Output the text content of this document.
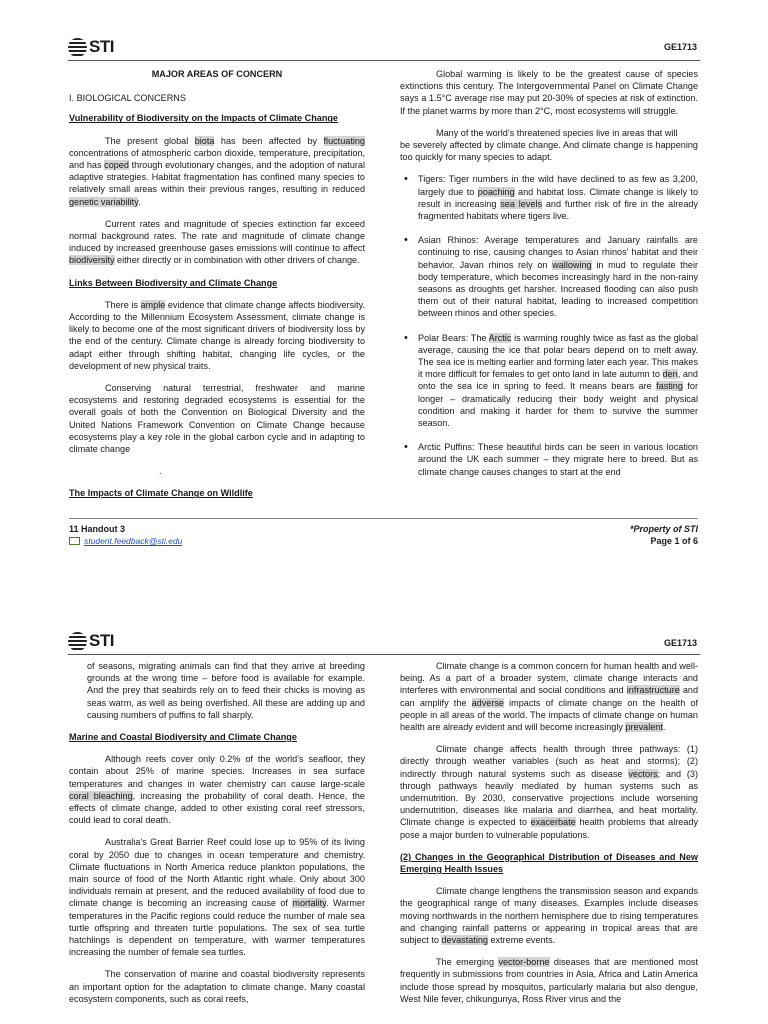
STI	GE1713

MAJOR AREAS OF CONCERN

I. BIOLOGICAL CONCERNS

Vulnerability of Biodiversity on the Impacts of Climate Change

The present global biota has been affected by fluctuating concentrations of atmospheric carbon dioxide, temperature, precipitation, and has coped through evolutionary changes, and the adoption of natural adaptive strategies. Habitat fragmentation has confined many species to relatively small areas within their previous ranges, resulting in reduced genetic variability.

Current rates and magnitude of species extinction far exceed normal background rates. The rate and magnitude of climate change induced by increased greenhouse gases emissions will continue to affect biodiversity either directly or in combination with other drivers of change.

Links Between Biodiversity and Climate Change

There is ample evidence that climate change affects biodiversity. According to the Millennium Ecosystem Assessment, climate change is likely to become one of the most significant drivers of biodiversity loss by the end of the century. Climate change is already forcing biodiversity to adapt either through shifting habitat, changing life cycles, or the development of new physical traits.

Conserving natural terrestrial, freshwater and marine ecosystems and restoring degraded ecosystems is essential for the overall goals of both the Convention on Biological Diversity and the United Nations Framework Convention on Climate Change because ecosystems play a key role in the global carbon cycle and in adapting to climate change

.

The Impacts of Climate Change on Wildlife

Global warming is likely to be the greatest cause of species extinctions this century. The Intergovernmental Panel on Climate Change says a 1.5°C average rise may put 20-30% of species at risk of extinction. If the planet warms by more than 2°C, most ecosystems will struggle.

Many of the world’s threatened species live in areas that will

be severely affected by climate change. And climate change is happening too quickly for many species to adapt.

• Tigers: Tiger numbers in the wild have declined to as few as 3,200, largely due to poaching and habitat loss. Climate change is likely to result in increasing sea levels and further risk of fire in the already fragmented habitats where tigers live.
• Asian Rhinos: Average temperatures and January rainfalls are continuing to rise, causing changes to Asian rhinos’ habitat and their behavior. Javan rhinos rely on wallowing in mud to regulate their body temperature, which becomes increasingly hard in the non-rainy seasons as droughts get harsher. Increased flooding can also push them out of their natural habitat, leading to increased competition between rhinos and other species.
• Polar Bears: The Arctic is warming roughly twice as fast as the global average, causing the ice that polar bears depend on to melt away. The sea ice is melting earlier and forming later each year. This makes it more difficult for females to get onto land in late autumn to den, and onto the sea ice in spring to feed. It means bears are fasting for longer – dramatically reducing their body weight and physical condition and making it harder for them to survive the summer season.
• Arctic Puffins: These beautiful birds can be seen in various location around the UK each summer – they migrate here to breed. But as climate change causes changes to start at the end
11 Handout 3
student.feedback@sti.edu
*Property of STI
Page 1 of 6
STI	GE1713

of seasons, migrating animals can find that they arrive at breeding grounds at the wrong time – before food is available for example. And the prey that seabirds rely on to feed their chicks is moving as seas warm, as well as being overfished. All these are adding up and causing numbers of puffins to fall sharply.

Marine and Coastal Biodiversity and Climate Change

Although reefs cover only 0.2% of the world’s seafloor, they contain about 25% of marine species. Increases in sea surface temperatures and changes in water chemistry can cause large-scale coral bleaching, increasing the probability of coral death. Hence, the effects of climate change, added to other existing coral reef stressors, could lead to coral death.

Australia’s Great Barrier Reef could lose up to 95% of its living coral by 2050 due to changes in ocean temperature and chemistry. Climate fluctuations in North America reduce plankton populations, the main source of food of the North Atlantic right whale. Only about 300 individuals remain at present, and the reduced availability of food due to climate change is becoming an increasing cause of mortality. Warmer temperatures in the Pacific regions could reduce the number of male sea turtle offspring and threaten turtle populations. The sex of sea turtle hatchlings is dependent on temperature, with warmer temperatures increasing the number of female sea turtles.

The conservation of marine and coastal biodiversity represents an important option for the adaptation to climate change. Many coastal ecosystem components, such as coral reefs,

Climate change is a common concern for human health and well-being. As a part of a broader system, climate change interacts and interferes with environmental and social conditions and infrastructure and can amplify the adverse impacts of climate change on the health of people in all areas of the world. The impacts of climate change on human health are already evident and will become increasingly prevalent.

Climate change affects health through three pathways: (1) directly through weather variables (such as heat and storms); (2) indirectly through natural systems such as disease vectors; and (3) through pathways heavily mediated by human systems such as undernutrition. By 2030, conservative projections include worsening undernutrition, diseases like malaria and diarrhea, and heat mortality. Climate change is expected to exacerbate health problems that already pose a major burden to vulnerable populations.

(2) Changes in the Geographical Distribution of Diseases and New Emerging Health Issues

Climate change lengthens the transmission season and expands the geographical range of many diseases. Examples include diseases moving northwards in the northern hemisphere due to rising temperatures and changing rainfall patterns or appearing in tropical areas that are subject to devastating extreme events.

The emerging vector-borne diseases that are mentioned most frequently in submissions from countries in Asia, Africa and Latin America include those spread by mosquitos, particularly malaria but also dengue, West Nile fever, chikungunya, Ross River virus and the
